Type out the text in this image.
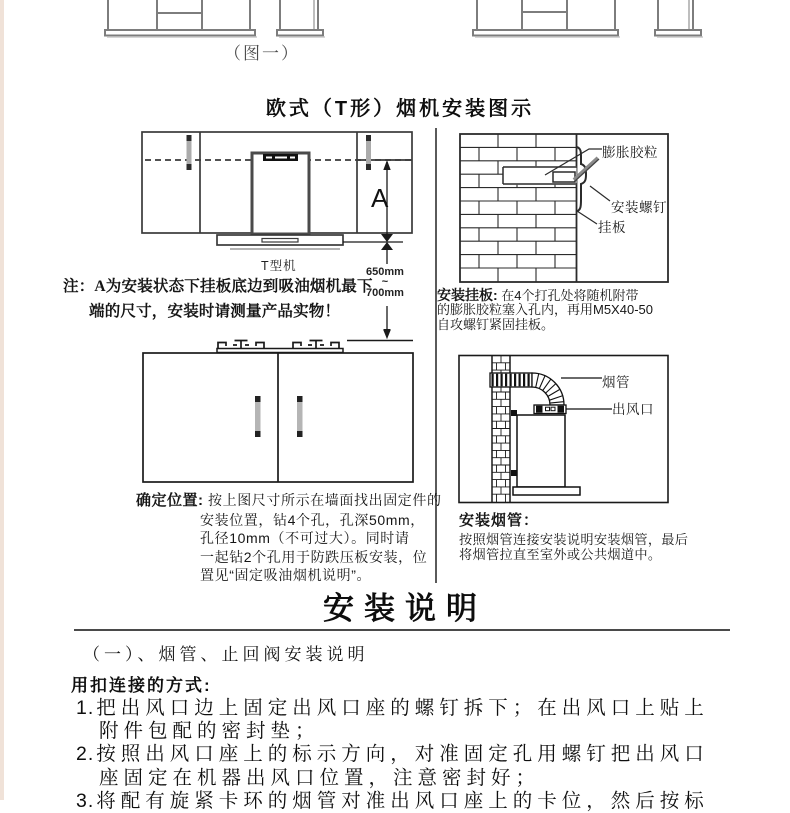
（图一）
欧式（T形）烟机安装图示
A
650mm
~
700mm
T型机
注：A为安装状态下挂板底边到吸油烟机最下
端的尺寸，安装时请测量产品实物！
膨胀胶粒
安装螺钉
挂板
安装挂板: 在4个打孔处将随机附带
的膨胀胶粒塞入孔内，再用M5X40-50
自攻螺钉紧固挂板。
确定位置: 按上图尺寸所示在墙面找出固定件的
安装位置，钻4个孔，孔深50mm，
孔径10mm（不可过大）。同时请
一起钻2个孔用于防跌压板安装，位
置见“固定吸油烟机说明”。
烟管
出风口
安装烟管：
按照烟管连接安装说明安装烟管，最后
将烟管拉直至室外或公共烟道中。
安装说明
（一）、烟管、止回阀安装说明
用扣连接的方式:
1. 把出风口边上固定出风口座的螺钉拆下；在出风口上贴上
附件包配的密封垫；
2. 按照出风口座上的标示方向，对准固定孔用螺钉把出风口
座固定在机器出风口位置，注意密封好；
3. 将配有旋紧卡环的烟管对准出风口座上的卡位，然后按标
